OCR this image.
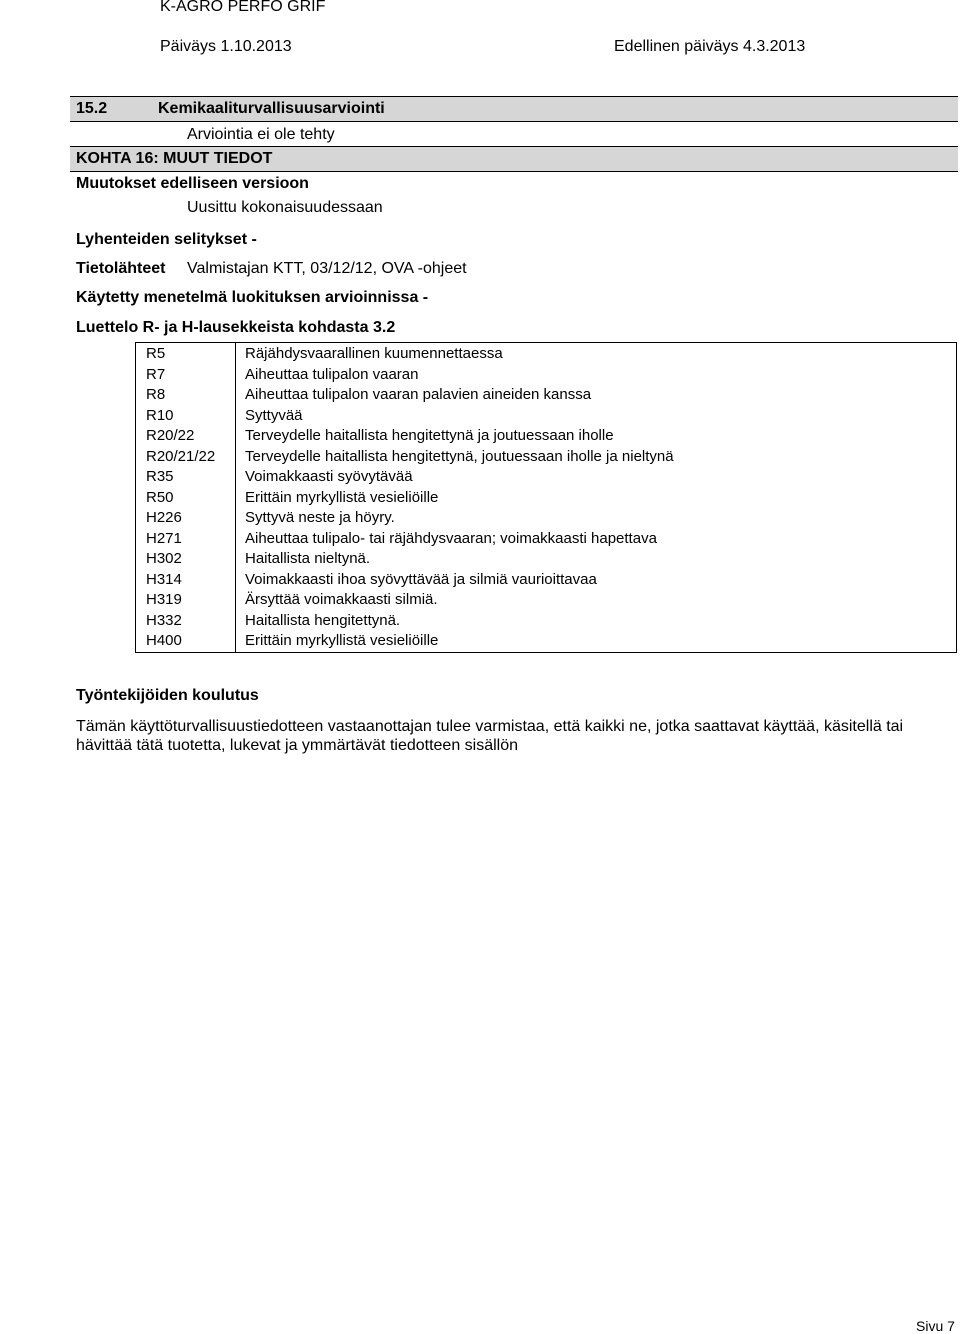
K-AGRO PERFO GRIF
Päiväys 1.10.2013	Edellinen päiväys 4.3.2013
15.2	Kemikaaliturvallisuusarviointi
Arviointia ei ole tehty
KOHTA 16: MUUT TIEDOT
Muutokset edelliseen versioon
Uusittu kokonaisuudessaan
Lyhenteiden selitykset -
Tietolähteet Valmistajan KTT, 03/12/12, OVA -ohjeet
Käytetty menetelmä luokituksen arvioinnissa -
Luettelo R- ja H-lausekkeista kohdasta 3.2
R5	Räjähdysvaarallinen kuumennettaessa
R7	Aiheuttaa tulipalon vaaran
R8	Aiheuttaa tulipalon vaaran palavien aineiden kanssa
R10	Syttyvää
R20/22	Terveydelle haitallista hengitettynä ja joutuessaan iholle
R20/21/22	Terveydelle haitallista hengitettynä, joutuessaan iholle ja nieltynä
R35	Voimakkaasti syövytävää
R50	Erittäin myrkyllistä vesieliöille
H226	Syttyvä neste ja höyry.
H271	Aiheuttaa tulipalo- tai räjähdysvaaran; voimakkaasti hapettava
H302	Haitallista nieltynä.
H314	Voimakkaasti ihoa syövyttävää ja silmiä vaurioittavaa
H319	Ärsyttää voimakkaasti silmiä.
H332	Haitallista hengitettynä.
H400	Erittäin myrkyllistä vesieliöille
Työntekijöiden koulutus
Tämän käyttöturvallisuustiedotteen vastaanottajan tulee varmistaa, että kaikki ne, jotka saattavat käyttää, käsitellä tai hävittää tätä tuotetta, lukevat ja ymmärtävät tiedotteen sisällön
Sivu 7
